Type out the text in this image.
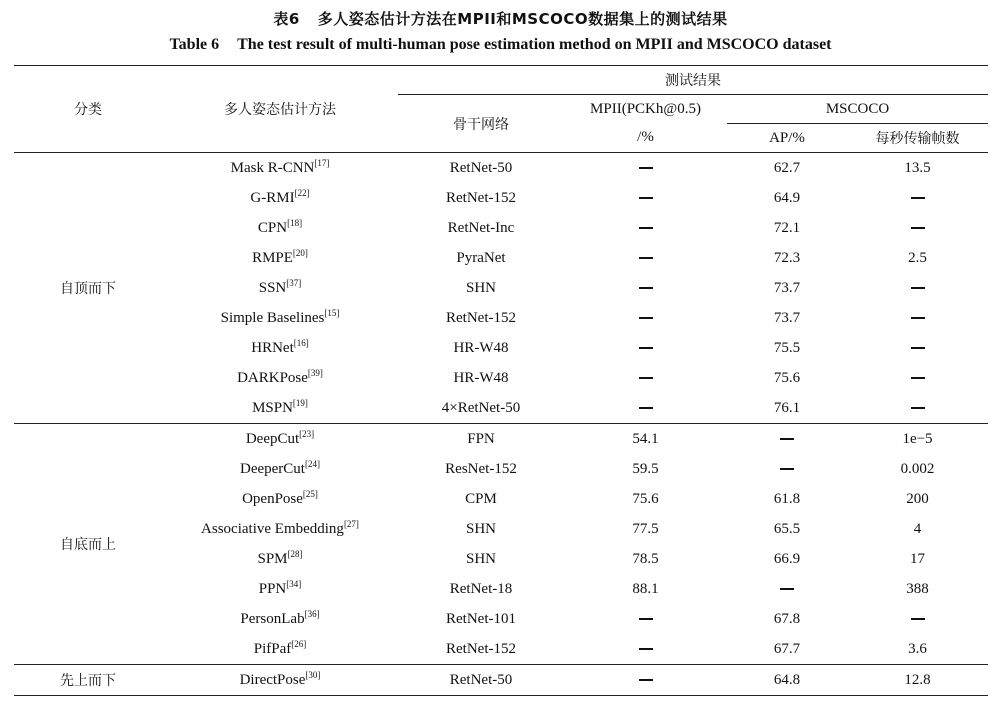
表6 多人姿态估计方法在MPII和MSCOCO数据集上的测试结果
Table 6 The test result of multi-human pose estimation method on MPII and MSCOCO dataset
分类	多人姿态估计方法	测试结果			
		骨干网络	MPII(PCKh@0.5)	MSCOCO	
			/%	AP/%	每秒传输帧数
自顶而下	Mask R-CNN[17]	RetNet-50		62.7	13.5
	G-RMI[22]	RetNet-152		64.9	
	CPN[18]	RetNet-Inc		72.1	
	RMPE[20]	PyraNet		72.3	2.5
	SSN[37]	SHN		73.7	
	Simple Baselines[15]	RetNet-152		73.7	
	HRNet[16]	HR-W48		75.5	
	DARKPose[39]	HR-W48		75.6	
	MSPN[19]	4×RetNet-50		76.1	
自底而上	DeepCut[23]	FPN	54.1		1e−5
	DeeperCut[24]	ResNet-152	59.5		0.002
	OpenPose[25]	CPM	75.6	61.8	200
	Associative Embedding[27]	SHN	77.5	65.5	4
	SPM[28]	SHN	78.5	66.9	17
	PPN[34]	RetNet-18	88.1		388
	PersonLab[36]	RetNet-101		67.8	
	PifPaf[26]	RetNet-152		67.7	3.6
先上而下	DirectPose[30]	RetNet-50		64.8	12.8
